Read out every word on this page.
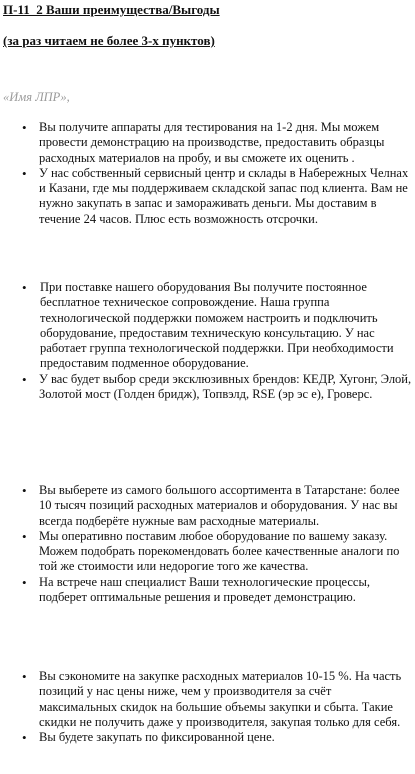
П-11_2 Ваши преимущества/Выгоды

(за раз читаем не более 3-х пунктов)

«Имя ЛПР»,

• Вы получите аппараты для тестирования на 1-2 дня. Мы можем провести демонстрацию на производстве, предоставить образцы расходных материалов на пробу, и вы сможете их оценить .
• У нас собственный сервисный центр и склады в Набережных Челнах и Казани, где мы поддерживаем складской запас под клиента. Вам не нужно закупать в запас и замораживать деньги. Мы доставим в течение 24 часов. Плюс есть возможность отсрочки.
• При поставке нашего оборудования Вы получите постоянное бесплатное техническое сопровождение. Наша группа технологической поддержки поможем настроить и подключить оборудование, предоставим техническую консультацию. У нас работает группа технологической поддержки. При необходимости предоставим подменное оборудование.
• У вас будет выбор среди эксклюзивных брендов: КЕДР, Хугонг, Элой, Золотой мост (Голден бридж), Топвэлд, RSE (эр эс е), Гроверс.
• Вы выберете из самого большого ассортимента в Татарстане: более 10 тысяч позиций расходных материалов и оборудования. У нас вы всегда подберёте нужные вам расходные материалы.
• Мы оперативно поставим любое оборудование по вашему заказу. Можем подобрать порекомендовать более качественные аналоги по той же стоимости или недорогие того же качества.
• На встрече наш специалист Ваши технологические процессы, подберет оптимальные решения и проведет демонстрацию.
• Вы сэкономите на закупке расходных материалов 10-15 %. На часть позиций у нас цены ниже, чем у производителя за счёт максимальных скидок на большие объемы закупки и сбыта. Такие скидки не получить даже у производителя, закупая только для себя.
• Вы будете закупать по фиксированной цене.
